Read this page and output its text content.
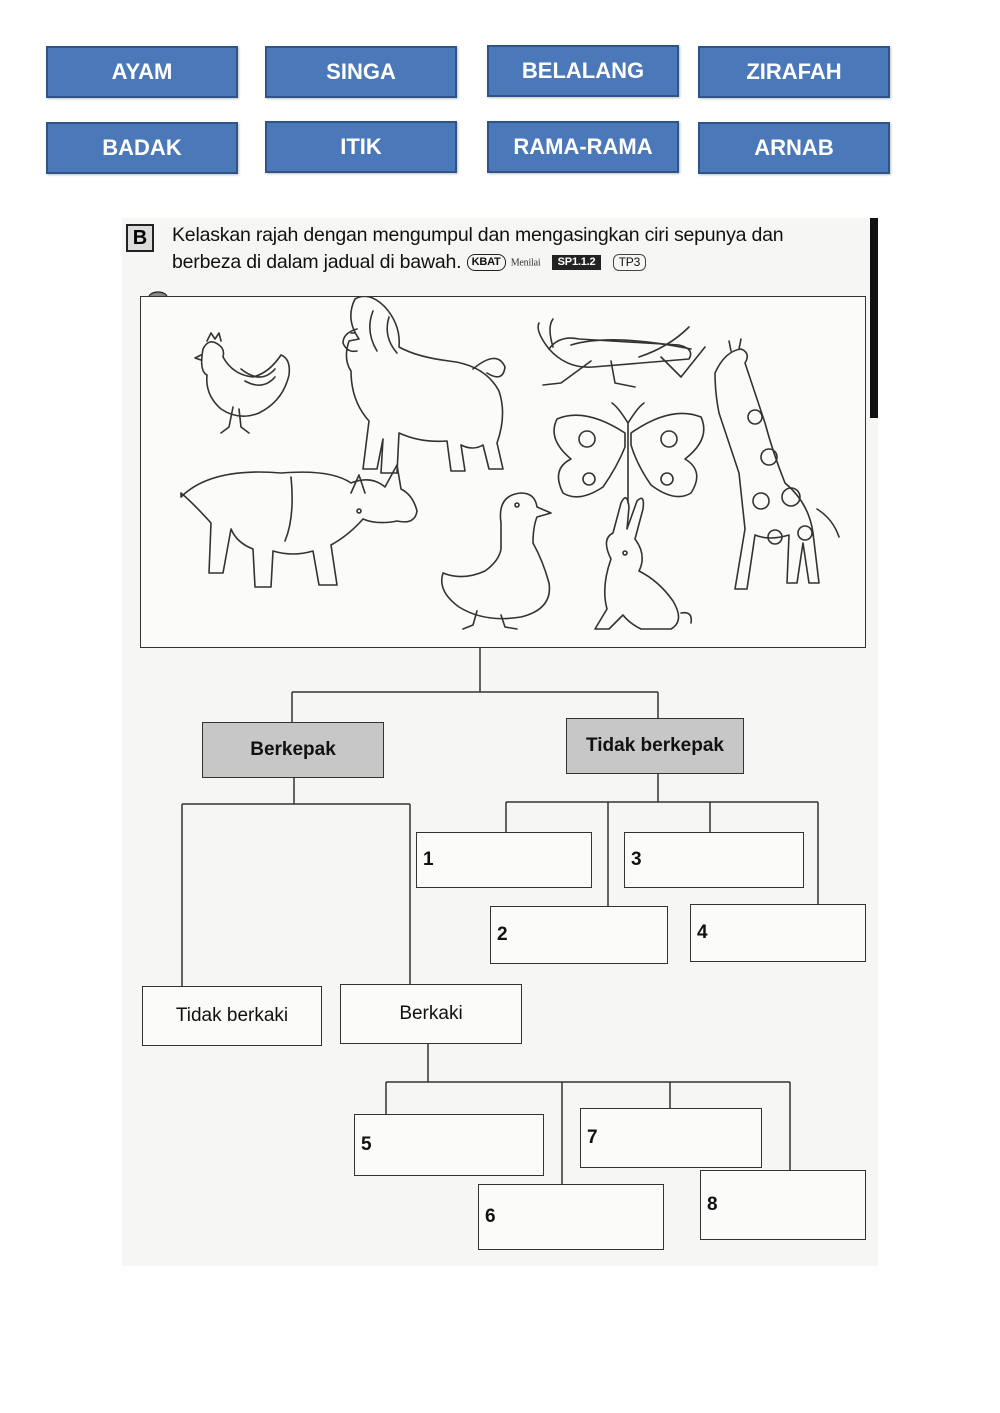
AYAM	SINGA	BELALANG	ZIRAFAH
BADAK	ITIK	RAMA-RAMA	ARNAB
B	Kelaskan rajah dengan mengumpul dan mengasingkan ciri sepunya dan berbeza di dalam jadual di bawah. KBAT Menilai SP1.1.2 TP3
Berkepak	Tidak berkepak
Tidak berkaki	Berkaki
1
2
3
4
5
6
7
8
